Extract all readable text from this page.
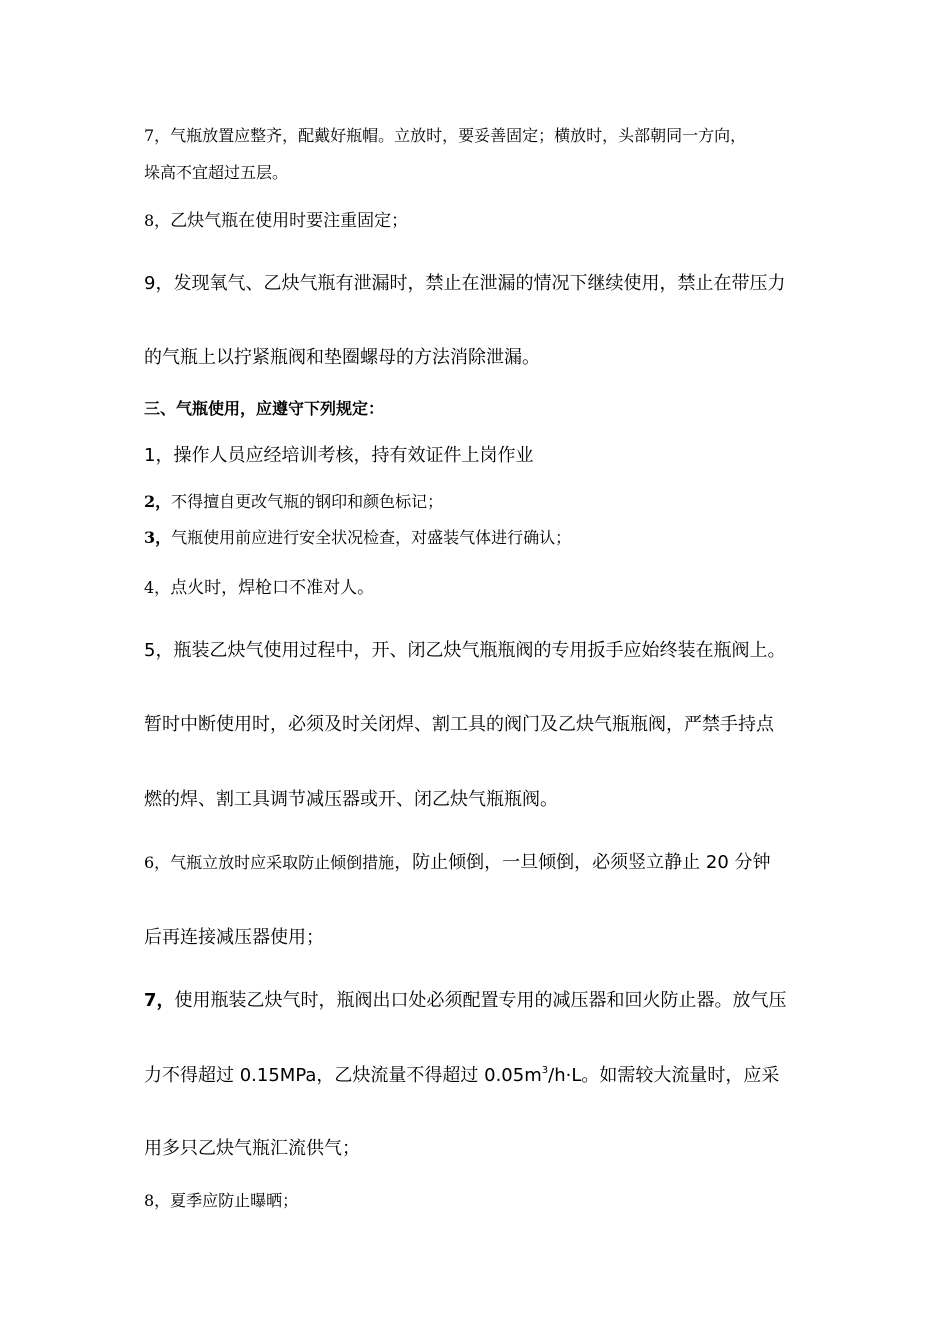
7，气瓶放置应整齐，配戴好瓶帽。立放时，要妥善固定；横放时，头部朝同一方向，
垛高不宜超过五层。
8，乙炔气瓶在使用时要注重固定；
9，发现氧气、乙炔气瓶有泄漏时，禁止在泄漏的情况下继续使用，禁止在带压力
的气瓶上以拧紧瓶阀和垫圈螺母的方法消除泄漏。
三、气瓶使用，应遵守下列规定：
1，操作人员应经培训考核，持有效证件上岗作业
2，不得擅自更改气瓶的钢印和颜色标记；
3，气瓶使用前应进行安全状况检查，对盛装气体进行确认；
4，点火时，焊枪口不准对人。
5，瓶装乙炔气使用过程中，开、闭乙炔气瓶瓶阀的专用扳手应始终装在瓶阀上。
暂时中断使用时，必须及时关闭焊、割工具的阀门及乙炔气瓶瓶阀，严禁手持点
燃的焊、割工具调节减压器或开、闭乙炔气瓶瓶阀。
6，气瓶立放时应采取防止倾倒措施，防止倾倒，一旦倾倒，必须竖立静止 20 分钟
后再连接减压器使用；
7，使用瓶装乙炔气时，瓶阀出口处必须配置专用的减压器和回火防止器。放气压
力不得超过 0.15MPa，乙炔流量不得超过 $0.05m^3/h\cdot L$。如需较大流量时，应采
用多只乙炔气瓶汇流供气；
8，夏季应防止曝晒；
